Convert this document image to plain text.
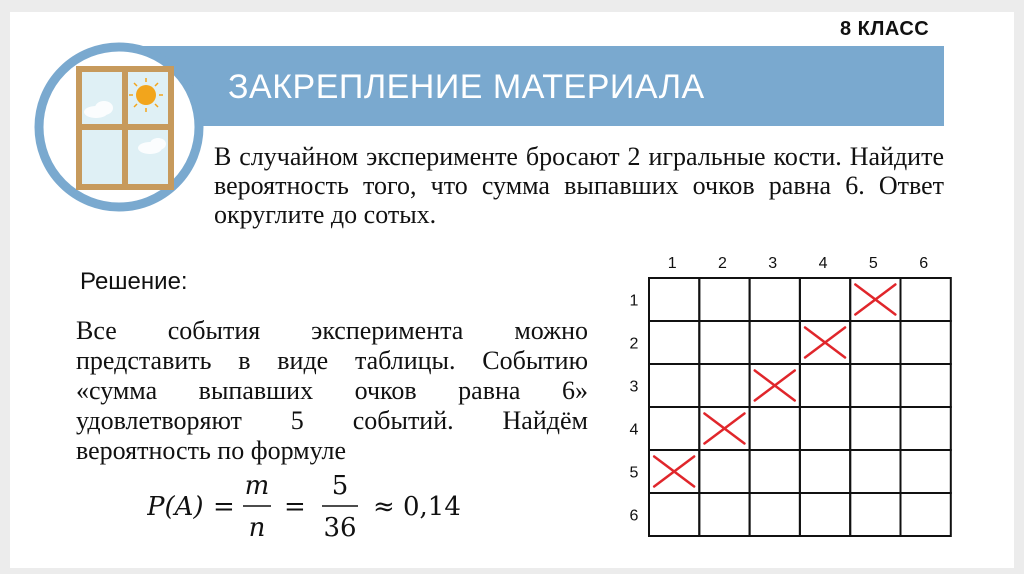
ЗАКРЕПЛЕНИЕ МАТЕРИАЛА
8 КЛАСС
В случайном эксперименте бросают 2 игральные кости. Найдите вероятность того, что сумма выпавших очков равна 6. Ответ округлите до сотых.
Решение:
Все события эксперимента можно представить в виде таблицы. Событию «сумма выпавших очков равна 6» удовлетворяют 5 событий. Найдём вероятность по формуле
P(A) =
m
n
=
5
36
≈ 0,14
1	2	3	4	5	6
1
2
3
4
5
6
